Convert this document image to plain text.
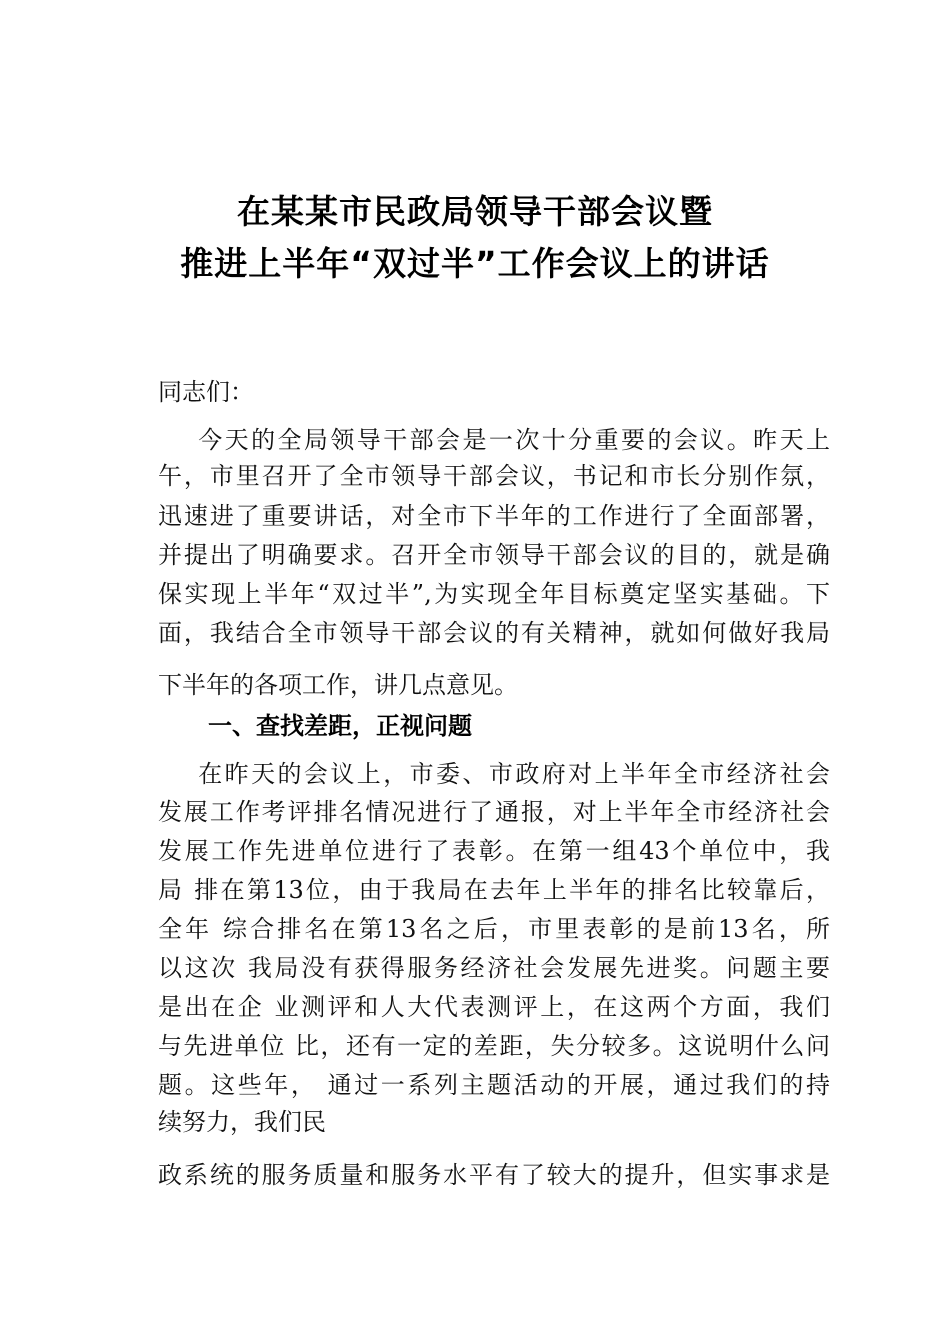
在某某市民政局领导干部会议暨
推进上半年“双过半”工作会议上的讲话
同志们：
今天的全局领导干部会是一次十分重要的会议。昨天上
午，市里召开了全市领导干部会议，书记和市长分别作氛，
迅速进了重要讲话，对全市下半年的工作进行了全面部署，
并提出了明确要求。召开全市领导干部会议的目的，就是确
保实现上半年“双过半”,为实现全年目标奠定坚实基础。下
面，我结合全市领导干部会议的有关精神，就如何做好我局
下半年的各项工作，讲几点意见。
一、查找差距，正视问题
在昨天的会议上，市委、市政府对上半年全市经济社会
发展工作考评排名情况进行了通报，对上半年全市经济社会
发展工作先进单位进行了表彰。在第一组43个单位中，我
局 排在第13位，由于我局在去年上半年的排名比较靠后，
全年 综合排名在第13名之后，市里表彰的是前13名，所
以这次 我局没有获得服务经济社会发展先进奖。问题主要
是出在企 业测评和人大代表测评上，在这两个方面，我们
与先进单位 比，还有一定的差距，失分较多。这说明什么问
题。这些年， 通过一系列主题活动的开展，通过我们的持
续努力，我们民
政系统的服务质量和服务水平有了较大的提升，但实事求是
